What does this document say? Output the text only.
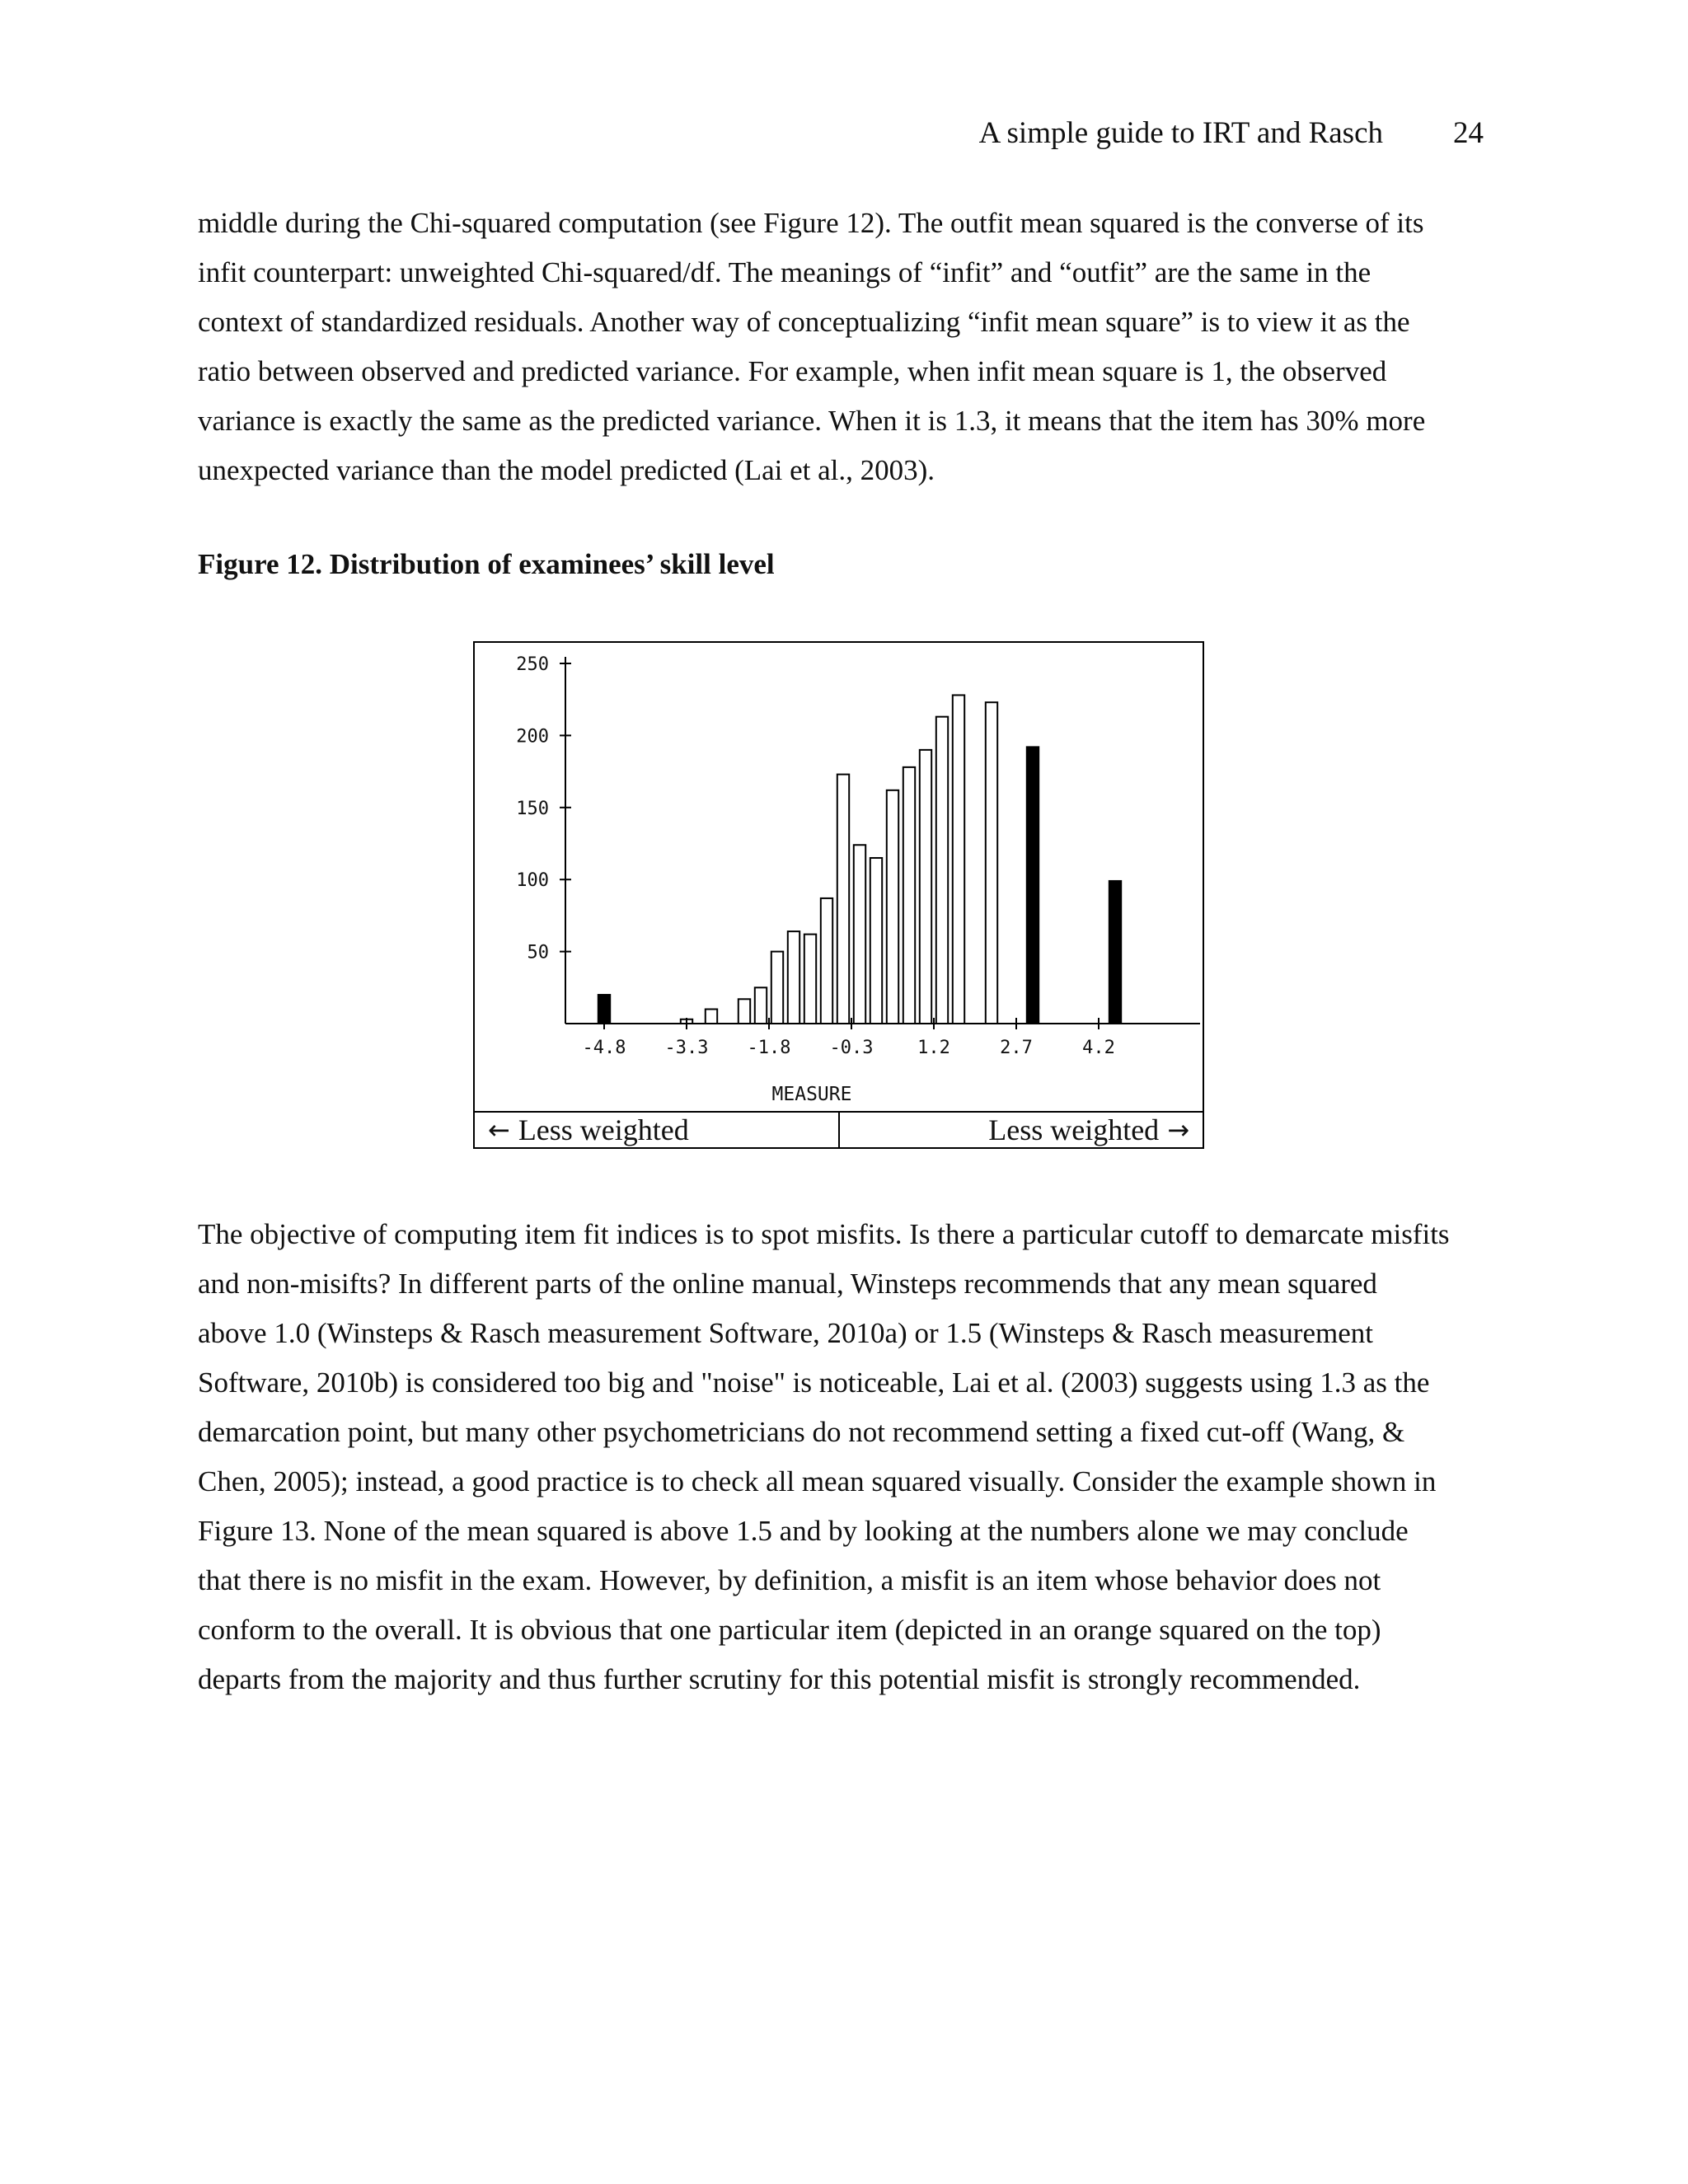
A simple guide to IRT and Rasch 24

middle during the Chi-squared computation (see Figure 12). The outfit mean squared is the converse of its
infit counterpart: unweighted Chi-squared/df. The meanings of “infit” and “outfit” are the same in the
context of standardized residuals. Another way of conceptualizing “infit mean square” is to view it as the
ratio between observed and predicted variance. For example, when infit mean square is 1, the observed
variance is exactly the same as the predicted variance. When it is 1.3, it means that the item has 30% more
unexpected variance than the model predicted (Lai et al., 2003).

Figure 12. Distribution of examinees’ skill level
50
100
150
200
250
-4.8 -3.3 -1.8 -0.3 1.2	2.7	4.2
MEASURE
← Less weighted	Less weighted →

The objective of computing item fit indices is to spot misfits. Is there a particular cutoff to demarcate misfits
and non-misifts? In different parts of the online manual, Winsteps recommends that any mean squared
above 1.0 (Winsteps & Rasch measurement Software, 2010a) or 1.5 (Winsteps & Rasch measurement
Software, 2010b) is considered too big and "noise" is noticeable, Lai et al. (2003) suggests using 1.3 as the
demarcation point, but many other psychometricians do not recommend setting a fixed cut-off (Wang, &
Chen, 2005); instead, a good practice is to check all mean squared visually. Consider the example shown in
Figure 13. None of the mean squared is above 1.5 and by looking at the numbers alone we may conclude
that there is no misfit in the exam. However, by definition, a misfit is an item whose behavior does not
conform to the overall. It is obvious that one particular item (depicted in an orange squared on the top)
departs from the majority and thus further scrutiny for this potential misfit is strongly recommended.
